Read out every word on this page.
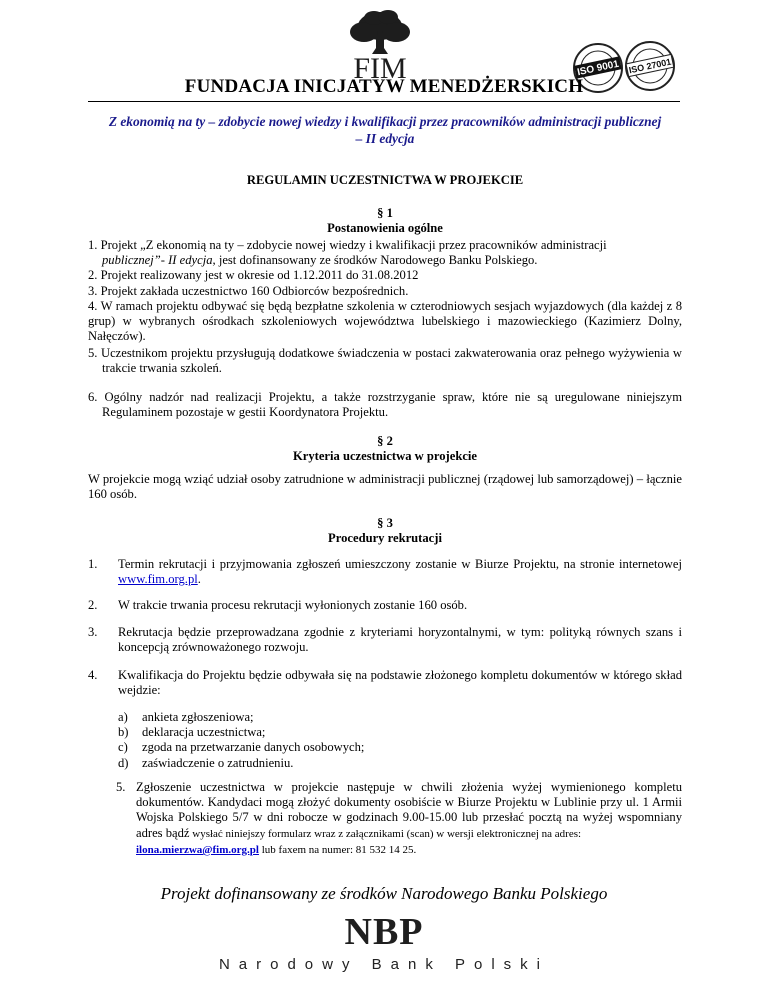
FIM	ISO 9001 ISO 27001
FUNDACJA INICJATYW MENEDŻERSKICH
Z ekonomią na ty – zdobycie nowej wiedzy i kwalifikacji przez pracowników administracji publicznej
– II edycja
REGULAMIN UCZESTNICTWA W PROJEKCIE
§ 1
Postanowienia ogólne

1. Projekt „Z ekonomią na ty – zdobycie nowej wiedzy i kwalifikacji przez pracowników administracji

publicznej”- II edycja, jest dofinansowany ze środków Narodowego Banku Polskiego.

2. Projekt realizowany jest w okresie od 1.12.2011 do 31.08.2012

3. Projekt zakłada uczestnictwo 160 Odbiorców bezpośrednich.

4. W ramach projektu odbywać się będą bezpłatne szkolenia w czterodniowych sesjach wyjazdowych (dla każdej z 8 grup) w wybranych ośrodkach szkoleniowych województwa lubelskiego i mazowieckiego (Kazimierz Dolny, Nałęczów).

5. Uczestnikom projektu przysługują dodatkowe świadczenia w postaci zakwaterowania oraz pełnego wyżywienia w trakcie trwania szkoleń.
6. Ogólny nadzór nad realizacji Projektu, a także rozstrzyganie spraw, które nie są uregulowane niniejszym Regulaminem pozostaje w gestii Koordynatora Projektu.
§ 2
Kryteria uczestnictwa w projekcie
W projekcie mogą wziąć udział osoby zatrudnione w administracji publicznej (rządowej lub samorządowej) – łącznie 160 osób.
§ 3
Procedury rekrutacji
1. Termin rekrutacji i przyjmowania zgłoszeń umieszczony zostanie w Biurze Projektu, na stronie internetowej www.fim.org.pl.
2. W trakcie trwania procesu rekrutacji wyłonionych zostanie 160 osób.
3. Rekrutacja będzie przeprowadzana zgodnie z kryteriami horyzontalnymi, w tym: polityką równych szans i koncepcją zrównoważonego rozwoju.
4. Kwalifikacja do Projektu będzie odbywała się na podstawie złożonego kompletu dokumentów w którego skład wejdzie:
a) ankieta zgłoszeniowa;
b) deklaracja uczestnictwa;
c) zgoda na przetwarzanie danych osobowych;
d) zaświadczenie o zatrudnieniu.
5. Zgłoszenie uczestnictwa w projekcie następuje w chwili złożenia wyżej wymienionego kompletu dokumentów. Kandydaci mogą złożyć dokumenty osobiście w Biurze Projektu w Lublinie przy ul. 1 Armii Wojska Polskiego 5/7 w dni robocze w godzinach 9.00-15.00 lub przesłać pocztą na wyżej wspomniany adres bądź wysłać niniejszy formularz wraz z załącznikami (scan) w wersji elektronicznej na adres:
ilona.mierzwa@fim.org.pl lub faxem na numer: 81 532 14 25.
Projekt dofinansowany ze środków Narodowego Banku Polskiego
NBP
Narodowy Bank Polski
